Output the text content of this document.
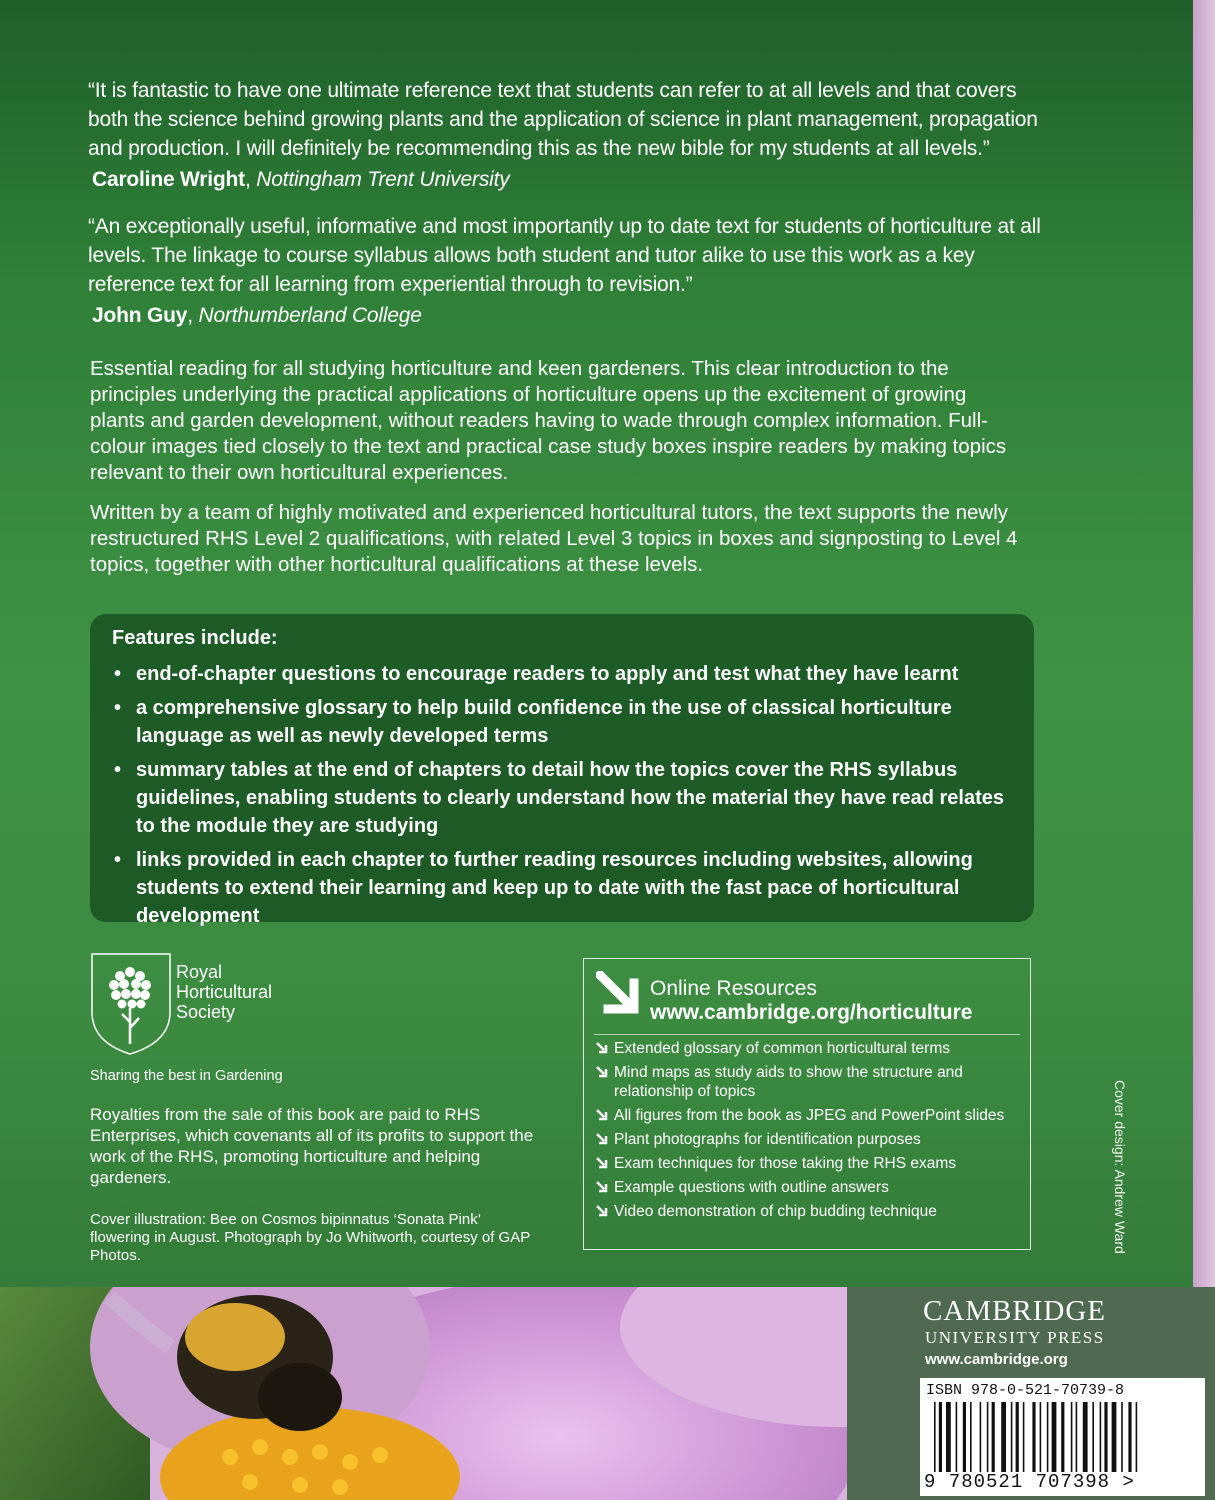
“It is fantastic to have one ultimate reference text that students can refer to at all levels and that covers both the science behind growing plants and the application of science in plant management, propagation and production. I will definitely be recommending this as the new bible for my students at all levels.”
Caroline Wright, Nottingham Trent University
“An exceptionally useful, informative and most importantly up to date text for students of horticulture at all levels. The linkage to course syllabus allows both student and tutor alike to use this work as a key reference text for all learning from experiential through to revision.”
John Guy, Northumberland College
Essential reading for all studying horticulture and keen gardeners. This clear introduction to the principles underlying the practical applications of horticulture opens up the excitement of growing plants and garden development, without readers having to wade through complex information. Full-colour images tied closely to the text and practical case study boxes inspire readers by making topics relevant to their own horticultural experiences.
Written by a team of highly motivated and experienced horticultural tutors, the text supports the newly restructured RHS Level 2 qualifications, with related Level 3 topics in boxes and signposting to Level 4 topics, together with other horticultural qualifications at these levels.
Features include:
• end-of-chapter questions to encourage readers to apply and test what they have learnt
• a comprehensive glossary to help build confidence in the use of classical horticulture language as well as newly developed terms
• summary tables at the end of chapters to detail how the topics cover the RHS syllabus guidelines, enabling students to clearly understand how the material they have read relates to the module they are studying
• links provided in each chapter to further reading resources including websites, allowing students to extend their learning and keep up to date with the fast pace of horticultural development
Royal
Horticultural
Society
Sharing the best in Gardening
Royalties from the sale of this book are paid to RHS Enterprises, which covenants all of its profits to support the work of the RHS, promoting horticulture and helping gardeners.
Cover illustration: Bee on Cosmos bipinnatus ‘Sonata Pink’ flowering in August. Photograph by Jo Whitworth, courtesy of GAP Photos.
Online Resources
www.cambridge.org/horticulture
Extended glossary of common horticultural terms
Mind maps as study aids to show the structure and relationship of topics
All figures from the book as JPEG and PowerPoint slides
Plant photographs for identification purposes
Exam techniques for those taking the RHS exams
Example questions with outline answers
Video demonstration of chip budding technique	Cover design: Andrew Ward
CAMBRIDGE
UNIVERSITY PRESS
www.cambridge.org
ISBN 978-0-521-70739-8
9 780521 707398 >
